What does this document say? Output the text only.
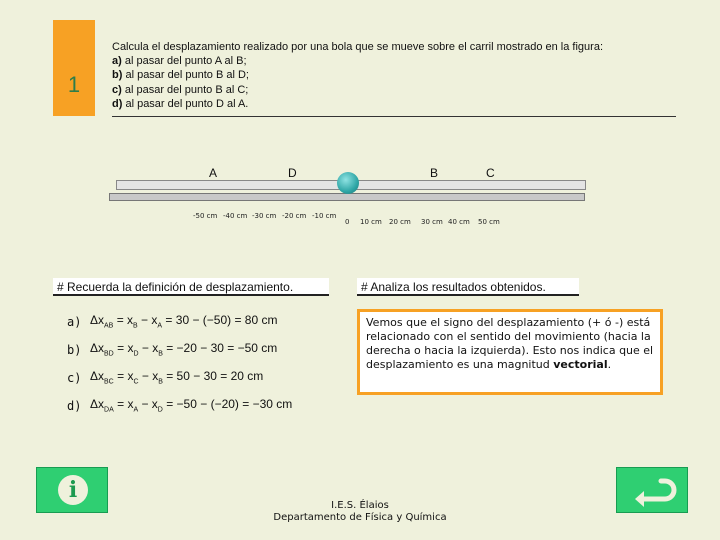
1
Calcula el desplazamiento realizado por una bola que se mueve sobre el carril mostrado en la figura:
a) al pasar del punto A al B;
b) al pasar del punto B al D;
c) al pasar del punto B al C;
d) al pasar del punto D al A.
A	D	B	C
-50 cm -40 cm -30 cm -20 cm -10 cm
0 10 cm 20 cm 30 cm 40 cm 50 cm
# Recuerda la definición de desplazamiento.
a) $\Delta x_{AB} = x_B - x_A = 30 - (-50) = 80$ cm
b) $\Delta x_{BD} = x_D - x_B = -20 - 30 = -50$ cm
c) $\Delta x_{BC} = x_C - x_B = 50 - 30 = 20$ cm
d) $\Delta x_{DA} = x_A - x_D = -50 - (-20) = -30$ cm
# Analiza los resultados obtenidos.
Vemos que el signo del desplazamiento (+ ó -) está relacionado con el sentido del movimiento (hacia la derecha o hacia la izquierda). Esto nos indica que el desplazamiento es una magnitud vectorial.
i
I.E.S. Élaios
Departamento de Física y Química
